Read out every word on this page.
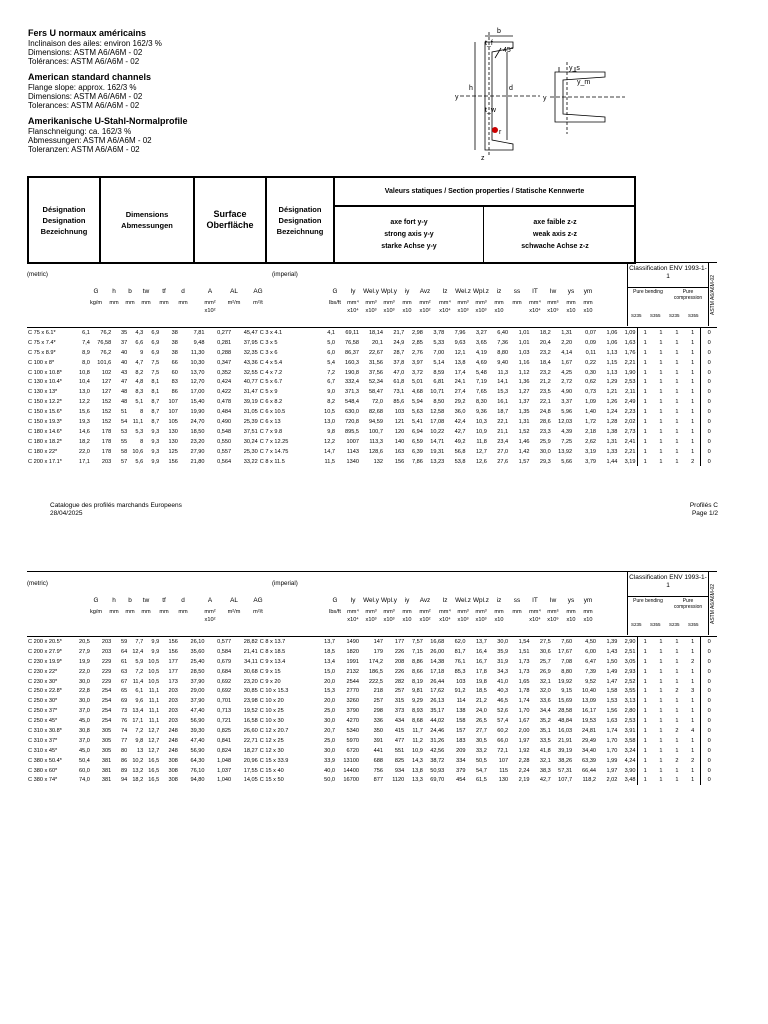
Fers U normaux américains
Inclinaison des ailes: environ 162/3 %
Dimensions: ASTM A6/A6M - 02
Tolérances: ASTM A6/A6M - 02
American standard channels
Flange slope: approx. 162/3 %
Dimensions: ASTM A6/A6M - 02
Tolerances: ASTM A6/A6M - 02
Amerikanische U-Stahl-Normalprofile
Flanschneigung: ca. 162/3 %
Abmessungen: ASTM A6/A6M - 02
Toleranzen: ASTM A6/A6M - 02
b
t_f
45°
y
h	d
t_w
z
r
y
y_s
y_m
Désignation
Designation
Bezeichnung
Dimensions
Abmessungen
Surface
Oberfläche
Désignation
Designation
Bezeichnung
Valeurs statiques / Section properties / Statische Kennwerte
axe fort y-y
strong axis y-y
starke Achse y-y
axe faible z-z
weak axis z-z
schwache Achse z-z
(metric)	(imperial)
G
kg/m
h
mm
b
mm
tw
mm
tf
mm
d
mm
A
mm² x10²
AL
m²/m
AG
m²/t
G
lbs/ft
Iy
mm⁴ x10⁴
Wel.y
mm³ x10³
Wpl.y
mm³ x10³
iy
mm x10
Avz
mm² x10²
Iz
mm⁴ x10⁴
Wel.z
mm³ x10³
Wpl.z
mm³ x10³
iz
mm x10
ss
mm
IT
mm⁴ x10⁴
Iw
mm⁶ x10⁹
ys
mm x10
ym
mm x10
Classification ENV 1993-1-1
Pure bending	Pure compression
S235 S355 S235 S355
ASTM A6/A6M-02
C 75 x 6.1*	6,1	76,2	35	4,3	6,9	38	7,81	0,277	45,47	C 3 x 4.1	4,1	69,11	18,14	21,7	2,98	3,78	7,96	3,27	6,40	1,01	18,2	1,31	0,07	1,06	1,09	1	1	1	1	0
C 75 x 7.4*	7,4	76,58	37	6,6	6,9	38	9,48	0,281	37,95	C 3 x 5	5,0	76,58	20,1	24,9	2,85	5,33	9,63	3,65	7,36	1,01	20,4	2,20	0,09	1,06	1,63	1	1	1	1	0
C 75 x 8.9*	8,9	76,2	40	9	6,9	38	11,30	0,288	32,35	C 3 x 6	6,0	86,37	22,67	28,7	2,76	7,00	12,1	4,19	8,80	1,03	23,2	4,14	0,11	1,13	1,76	1	1	1	1	0
C 100 x 8*	8,0	101,6	40	4,7	7,5	66	10,30	0,347	43,36	C 4 x 5.4	5,4	160,3	31,56	37,8	3,97	5,14	13,8	4,69	9,40	1,16	18,4	1,67	0,22	1,15	2,21	1	1	1	1	0
C 100 x 10.8*	10,8	102	43	8,2	7,5	60	13,70	0,352	32,55	C 4 x 7.2	7,2	190,8	37,56	47,0	3,72	8,59	17,4	5,48	11,3	1,12	23,2	4,25	0,30	1,13	1,90	1	1	1	1	0
C 130 x 10.4*	10,4	127	47	4,8	8,1	83	12,70	0,424	40,77	C 5 x 6.7	6,7	332,4	52,34	61,8	5,01	6,81	24,1	7,19	14,1	1,36	21,2	2,72	0,62	1,29	2,53	1	1	1	1	0
C 130 x 13*	13,0	127	48	8,3	8,1	86	17,00	0,422	31,47	C 5 x 9	9,0	371,3	58,47	73,1	4,68	10,71	27,4	7,65	15,3	1,27	23,5	4,90	0,73	1,21	2,11	1	1	1	1	0
C 150 x 12.2*	12,2	152	48	5,1	8,7	107	15,40	0,478	39,19	C 6 x 8.2	8,2	548,4	72,0	85,6	5,94	8,50	29,2	8,30	16,1	1,37	22,1	3,37	1,09	1,26	2,49	1	1	1	1	0
C 150 x 15.6*	15,6	152	51	8	8,7	107	19,90	0,484	31,05	C 6 x 10.5	10,5	630,0	82,68	103	5,63	12,58	36,0	9,36	18,7	1,35	24,8	5,96	1,40	1,24	2,23	1	1	1	1	0
C 150 x 19.3*	19,3	152	54	11,1	8,7	105	24,70	0,490	25,39	C 6 x 13	13,0	720,8	94,59	121	5,41	17,08	42,4	10,3	22,1	1,31	28,6	12,03	1,72	1,28	2,02	1	1	1	1	0
C 180 x 14.6*	14,6	178	53	5,3	9,3	130	18,50	0,548	37,51	C 7 x 9.8	9,8	895,5	100,7	120	6,94	10,22	42,7	10,9	21,1	1,52	23,3	4,39	2,18	1,38	2,73	1	1	1	1	0
C 180 x 18.2*	18,2	178	55	8	9,3	130	23,20	0,550	30,24	C 7 x 12.25	12,2	1007	113,3	140	6,59	14,71	49,2	11,8	23,4	1,46	25,9	7,25	2,62	1,31	2,41	1	1	1	1	0
C 180 x 22*	22,0	178	58	10,6	9,3	125	27,90	0,557	25,30	C 7 x 14.75	14,7	1143	128,6	163	6,39	19,31	56,8	12,7	27,0	1,42	30,0	13,92	3,19	1,33	2,21	1	1	1	1	0
C 200 x 17.1*	17,1	203	57	5,6	9,9	156	21,80	0,564	33,22	C 8 x 11.5	11,5	1340	132	156	7,86	13,23	53,8	12,6	27,6	1,57	29,3	5,66	3,79	1,44	3,19	1	1	1	2	0
Catalogue des profilés marchands Europeens
28/04/2025
Profilés C
Page 1/2
(metric)	(imperial)
G
kg/m
h
mm
b
mm
tw
mm
tf
mm
d
mm
A
mm² x10²
AL
m²/m
AG
m²/t
G
lbs/ft
Iy
mm⁴ x10⁴
Wel.y
mm³ x10³
Wpl.y
mm³ x10³
iy
mm x10
Avz
mm² x10²
Iz
mm⁴ x10⁴
Wel.z
mm³ x10³
Wpl.z
mm³ x10³
iz
mm x10
ss
mm
IT
mm⁴ x10⁴
Iw
mm⁶ x10⁹
ys
mm x10
ym
mm x10
Classification ENV 1993-1-1
Pure bending	Pure compression
S235 S355 S235 S355
ASTM A6/A6M-02
C 200 x 20.5*	20,5	203	59	7,7	9,9	156	26,10	0,577	28,82	C 8 x 13.7	13,7	1490	147	177	7,57	16,68	62,0	13,7	30,0	1,54	27,5	7,60	4,50	1,39	2,90	1	1	1	1	0
C 200 x 27.9*	27,9	203	64	12,4	9,9	156	35,60	0,584	21,41	C 8 x 18.5	18,5	1820	179	226	7,15	26,00	81,7	16,4	35,9	1,51	30,6	17,67	6,00	1,43	2,51	1	1	1	1	0
C 230 x 19.9*	19,9	229	61	5,9	10,5	177	25,40	0,679	34,11	C 9 x 13.4	13,4	1991	174,2	208	8,86	14,38	76,1	16,7	31,9	1,73	25,7	7,08	6,47	1,50	3,05	1	1	1	2	0
C 230 x 22*	22,0	229	63	7,2	10,5	177	28,50	0,684	30,68	C 9 x 15	15,0	2132	186,5	226	8,66	17,18	85,3	17,8	34,3	1,73	26,9	8,80	7,39	1,49	2,93	1	1	1	1	0
C 230 x 30*	30,0	229	67	11,4	10,5	173	37,90	0,692	23,20	C 9 x 20	20,0	2544	222,5	282	8,19	26,44	103	19,8	41,0	1,65	32,1	19,92	9,52	1,47	2,52	1	1	1	1	0
C 250 x 22.8*	22,8	254	65	6,1	11,1	203	29,00	0,692	30,85	C 10 x 15.3	15,3	2770	218	257	9,81	17,62	91,2	18,5	40,3	1,78	32,0	9,15	10,40	1,58	3,55	1	1	2	3	0
C 250 x 30*	30,0	254	69	9,6	11,1	203	37,90	0,701	23,98	C 10 x 20	20,0	3260	257	315	9,29	26,13	114	21,2	46,5	1,74	33,6	15,69	13,09	1,53	3,13	1	1	1	1	0
C 250 x 37*	37,0	254	73	13,4	11,1	203	47,40	0,713	19,52	C 10 x 25	25,0	3790	298	373	8,93	35,17	138	24,0	52,6	1,70	34,4	28,58	16,17	1,56	2,80	1	1	1	1	0
C 250 x 45*	45,0	254	76	17,1	11,1	203	56,90	0,721	16,58	C 10 x 30	30,0	4270	336	434	8,68	44,02	158	26,5	57,4	1,67	35,2	48,84	19,53	1,63	2,53	1	1	1	1	0
C 310 x 30.8*	30,8	305	74	7,2	12,7	248	39,30	0,825	26,60	C 12 x 20.7	20,7	5340	350	415	11,7	24,46	157	27,7	60,2	2,00	35,1	16,03	24,81	1,74	3,91	1	1	2	4	0
C 310 x 37*	37,0	305	77	9,8	12,7	248	47,40	0,841	22,71	C 12 x 25	25,0	5970	391	477	11,2	31,26	183	30,5	66,0	1,97	33,5	21,91	29,49	1,70	3,58	1	1	1	1	0
C 310 x 45*	45,0	305	80	13	12,7	248	56,90	0,824	18,27	C 12 x 30	30,0	6720	441	551	10,9	42,56	209	33,2	72,1	1,92	41,8	39,19	34,40	1,70	3,24	1	1	1	1	0
C 380 x 50.4*	50,4	381	86	10,2	16,5	308	64,30	1,048	20,96	C 15 x 33.9	33,9	13100	688	825	14,3	38,72	334	50,5	107	2,28	32,1	38,26	63,39	1,99	4,24	1	1	2	2	0
C 380 x 60*	60,0	381	89	13,2	16,5	308	76,10	1,037	17,55	C 15 x 40	40,0	14400	756	934	13,8	50,93	379	54,7	115	2,24	38,3	57,31	66,44	1,97	3,90	1	1	1	1	0
C 380 x 74*	74,0	381	94	18,2	16,5	308	94,80	1,040	14,05	C 15 x 50	50,0	16700	877	1120	13,3	69,70	454	61,5	130	2,19	42,7	107,7	118,2	2,02	3,48	1	1	1	1	0
